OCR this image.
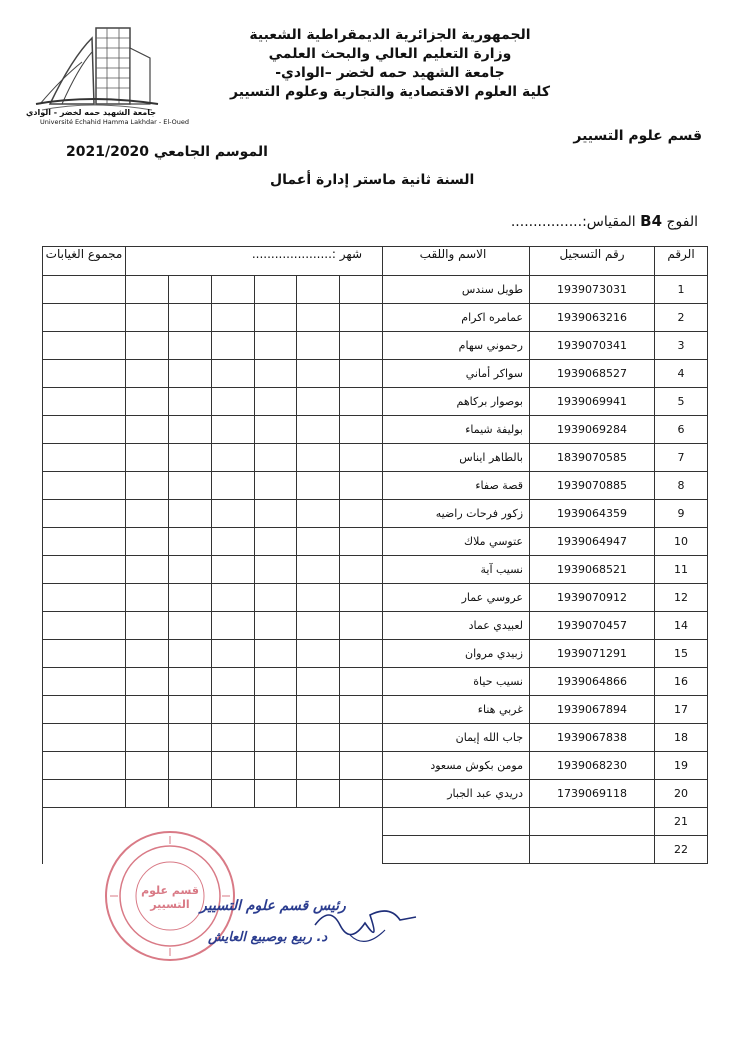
جامعة الشهيد حمه لخضر - الوادي
Université Echahid Hamma Lakhdar - El-Oued
الجمهورية الجزائرية الديمقراطية الشعبية
وزارة التعليم العالي والبحث العلمي
جامعة الشهيد حمه لخضر –الوادي-
كلية العلوم الاقتصادية والتجارية وعلوم التسيير
قسم علوم التسيير
الموسم الجامعي 2021/2020
السنة ثانية ماستر إدارة أعمال
الفوج B4 المقياس:................
الرقم	رقم التسجيل	الاسم واللقب	شهر :.....................						مجموع الغيابات
1	1939073031	طويل سندس							
2	1939063216	عمامره اكرام							
3	1939070341	رحموني سهام							
4	1939068527	سواكر أماني							
5	1939069941	بوصوار بركاهم							
6	1939069284	بوليفة شيماء							
7	1839070585	بالطاهر ايناس							
8	1939070885	قصة صفاء							
9	1939064359	زكور فرحات راضيه							
10	1939064947	عتوسي ملاك							
11	1939068521	نسيب آية							
12	1939070912	عروسي عمار							
14	1939070457	لعبيدي عماد							
15	1939071291	زبيدي مروان							
16	1939064866	نسيب حياة							
17	1939067894	غربي هناء							
18	1939067838	جاب الله إيمان							
19	1939068230	مومن بكوش مسعود							
20	1739069118	دريدي عبد الجبار							
21									
22									
قسم علوم التسيير رئيس قسم علوم التسيير
د. ربيع بوصبيع العايش
